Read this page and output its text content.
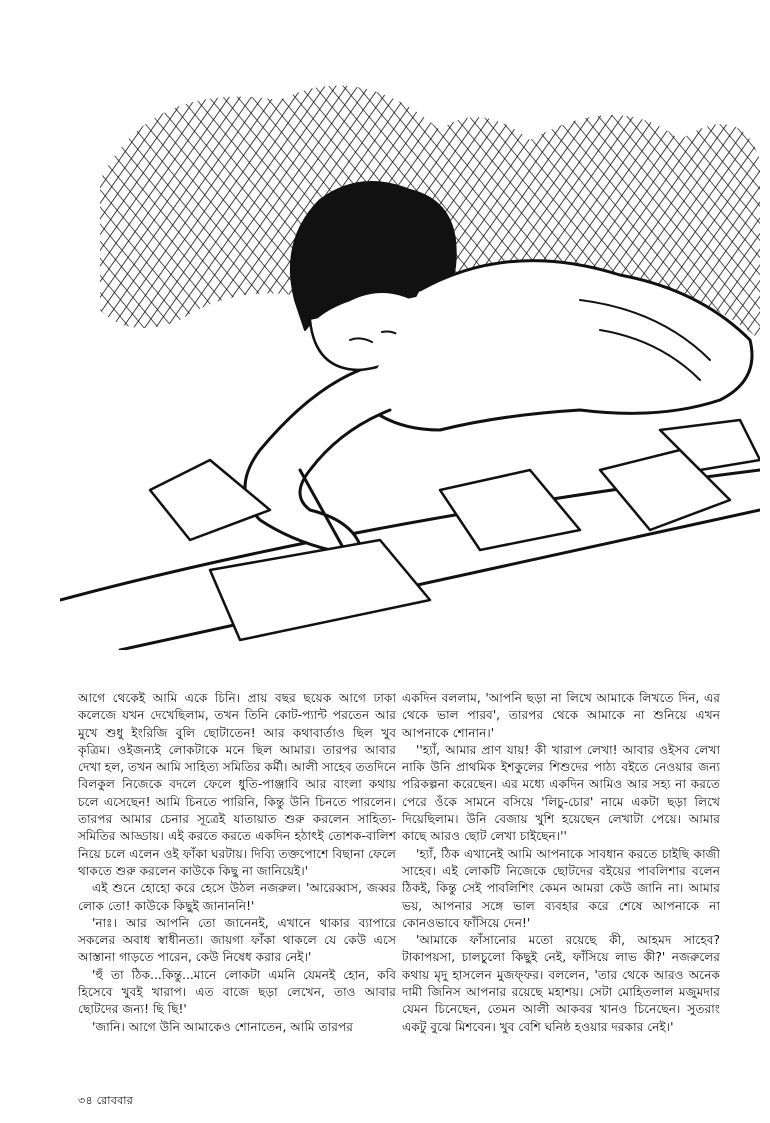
আগে থেকেই আমি একে চিনি। প্রায় বছর ছয়েক আগে ঢাকা কলেজে যখন দেখেছিলাম, তখন তিনি কোট-প্যান্ট পরতেন আর মুখে শুধু ইংরিজি বুলি ছোটাতেন! আর কথাবার্তাও ছিল খুব কৃত্রিম। ওইজন্যই লোকটাকে মনে ছিল আমার। তারপর আবার দেখা হল, তখন আমি সাহিত্য সমিতির কর্মী। আলী সাহেব ততদিনে বিলকুল নিজেকে বদলে ফেলে ধুতি-পাঞ্জাবি আর বাংলা কথায় চলে এসেছেন! আমি চিনতে পারিনি, কিন্তু উনি চিনতে পারলেন। তারপর আমার চেনার সূত্রেই যাতায়াত শুরু করলেন সাহিত্য-সমিতির আড্ডায়। এই করতে করতে একদিন হঠাৎই তোশক-বালিশ নিয়ে চলে এলেন ওই ফাঁকা ঘরটায়। দিব্যি তক্তপোশে বিছানা ফেলে থাকতে শুরু করলেন কাউকে কিছু না জানিয়েই।'

এই শুনে হোহো করে হেসে উঠল নজরুল। 'আরেব্বাস, জব্বর লোক তো! কাউকে কিছুই জানাননি!'

'নাঃ। আর আপনি তো জানেনই, এখানে থাকার ব্যাপারে সকলের অবাধ স্বাধীনতা। জায়গা ফাঁকা থাকলে যে কেউ এসে আস্তানা গাড়তে পারেন, কেউ নিষেধ করার নেই।'

'হুঁ তা ঠিক...কিন্তু...মানে লোকটা এমনি যেমনই হোন, কবি হিসেবে খুবই খারাপ। এত বাজে ছড়া লেখেন, তাও আবার ছোটদের জন্য! ছি ছি!'

'জানি। আগে উনি আমাকেও শোনাতেন, আমি তারপর

একদিন বললাম, 'আপনি ছড়া না লিখে আমাকে লিখতে দিন, এর থেকে ভাল পারব', তারপর থেকে আমাকে না শুনিয়ে এখন আপনাকে শোনান।'

''হ্যাঁ, আমার প্রাণ যায়! কী খারাপ লেখা! আবার ওইসব লেখা নাকি উনি প্রাথমিক ইশকুলের শিশুদের পাঠ্য বইতে নেওয়ার জন্য পরিকল্পনা করেছেন। এর মধ্যে একদিন আমিও আর সহ্য না করতে পেরে ওঁকে সামনে বসিয়ে 'লিচু-চোর' নামে একটা ছড়া লিখে দিয়েছিলাম। উনি বেজায় খুশি হয়েছেন লেখাটা পেয়ে। আমার কাছে আরও ছোট লেখা চাইছেন।''

'হ্যাঁ, ঠিক এখানেই আমি আপনাকে সাবধান করতে চাইছি কাজী সাহেব। এই লোকটি নিজেকে ছোটদের বইয়ের পাবলিশার বলেন ঠিকই, কিন্তু সেই পাবলিশিং কেমন আমরা কেউ জানি না। আমার ভয়, আপনার সঙ্গে ভাল ব্যবহার করে শেষে আপনাকে না কোনওভাবে ফাঁসিয়ে দেন!'

'আমাকে ফাঁসানোর মতো রয়েছে কী, আহমদ সাহেব? টাকাপয়সা, চালচুলো কিছুই নেই, ফাঁসিয়ে লাভ কী?' নজরুলের কথায় মৃদু হাসলেন মুজফ্ফর। বললেন, 'তার থেকে আরও অনেক দামী জিনিস আপনার রয়েছে মহাশয়। সেটা মোহিতলাল মজুমদার যেমন চিনেছেন, তেমন আলী আকবর খানও চিনেছেন। সুতরাং একটু বুঝে মিশবেন। খুব বেশি ঘনিষ্ঠ হওয়ার দরকার নেই।'

৩৪ রোববার
